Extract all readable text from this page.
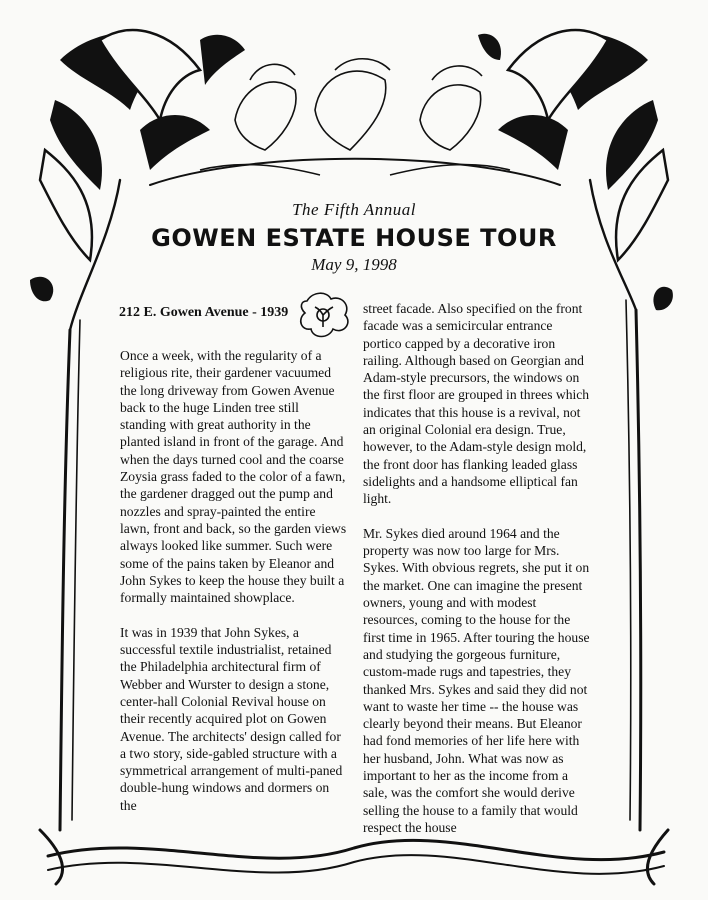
The Fifth Annual
GOWEN ESTATE HOUSE TOUR
May 9, 1998
212 E. Gowen Avenue - 1939

Once a week, with the regularity of a religious rite, their gardener vacuumed the long driveway from Gowen Avenue back to the huge Linden tree still standing with great authority in the planted island in front of the garage. And when the days turned cool and the coarse Zoysia grass faded to the color of a fawn, the gardener dragged out the pump and nozzles and spray-painted the entire lawn, front and back, so the garden views always looked like summer. Such were some of the pains taken by Eleanor and John Sykes to keep the house they built a formally maintained showplace.

It was in 1939 that John Sykes, a successful textile industrialist, retained the Philadelphia architectural firm of Webber and Wurster to design a stone, center-hall Colonial Revival house on their recently acquired plot on Gowen Avenue. The architects' design called for a two story, side-gabled structure with a symmetrical arrangement of multi-paned double-hung windows and dormers on the

street facade. Also specified on the front facade was a semicircular entrance portico capped by a decorative iron railing. Although based on Georgian and Adam-style precursors, the windows on the first floor are grouped in threes which indicates that this house is a revival, not an original Colonial era design. True, however, to the Adam-style design mold, the front door has flanking leaded glass sidelights and a handsome elliptical fan light.

Mr. Sykes died around 1964 and the property was now too large for Mrs. Sykes. With obvious regrets, she put it on the market. One can imagine the present owners, young and with modest resources, coming to the house for the first time in 1965. After touring the house and studying the gorgeous furniture, custom-made rugs and tapestries, they thanked Mrs. Sykes and said they did not want to waste her time -- the house was clearly beyond their means. But Eleanor had fond memories of her life here with her husband, John. What was now as important to her as the income from a sale, was the comfort she would derive selling the house to a family that would respect the house
